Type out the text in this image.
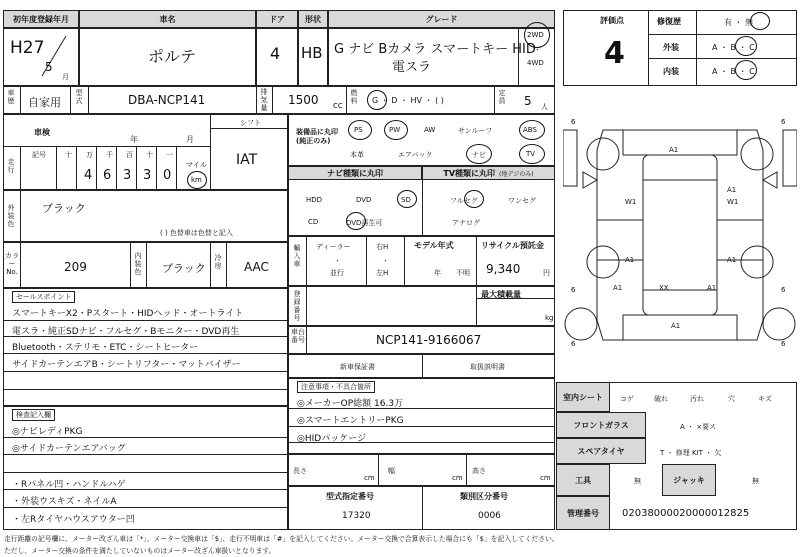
初年度登録年月	車名	ドア	形状	グレード
H27
5
月
ポルテ	4 HB G ナビ Bカメラ スマートキー HID
電スラ
2WD
・
4WD
車歴 自家用
型式	DBA-NCP141
排気量
1500 CC
燃料	G ・ D ・ HV ・ ( )
定員 5 人
車検
年	月
シフト
IAT
走行
記号	十 万 千 百 十 一
4 6 3 3 0
マイル
km
外装色
ブラック
( ) 色替車は色替と記入
カラーNo.	209
内装色 ブラック
冷房 AAC
装備品に丸印(純正のみ)
PS	PW	AW	サンルーフ	ABS
本革	エアバック	ナビ	TV
ナビ種類に丸印	TV種類に丸印 (地デジのみ)
HDD	DVD	SD
CD	DVD再生可
フルセグ	ワンセグ
アナログ
輸入車
ディーラー
・
並行
右H
・
左H
モデル年式
年 不明
リサイクル預託金
9,340	円
登録番号
最大積載量
kg
車台番号	NCP141-9166067
新車保証書	取扱説明書
セールスポイント
スマートキーX2・Pスタート・HIDヘッド・オートライト
電スラ・純正SDナビ・フルセグ・Bモニター・DVD再生
Bluetooth・ステリモ・ETC・シートヒーター
サイドカーテンエアB・シートリフター・マットバイザー
検査記入欄
◎ナビレディPKG
◎サイドカーテンエアバッグ
・Rパネル凹・ハンドルハゲ
・外装ウスキズ・ネイルA
・左Rタイヤハウスアウター凹
注意事項・不具合箇所
◎メーカーOP総額 16.3万
◎スマートエントリーPKG
◎HIDパッケージ
長さ
cm
幅
cm
高さ
cm
型式指定番号
17320
類別区分番号
0006
評価点
4
修復歴	有 ・ 無
外装	A ・ B ・ C
内装	A ・ B ・ C
6	6
6	6
6	6
A1
A1
W1	W1
A1	A1
A1	XX	A1
A1
室内シート	コゲ	破れ	汚れ	穴	キズ
フロントガラス	A ・ ×要ス
スペアタイヤ	T ・ 修理 KIT ・ 欠
工具	無	ジャッキ	無
管理番号	02038000020000012825
走行距離の記号欄に、メーター改ざん車は「*」、メーター交換車は「$」、走行不明車は「#」を記入してください。メーター交換で合算表示した場合にも「$」を記入してください。
ただし、メーター交換の条件を満たしていないものはメーター改ざん車扱いとなります。
